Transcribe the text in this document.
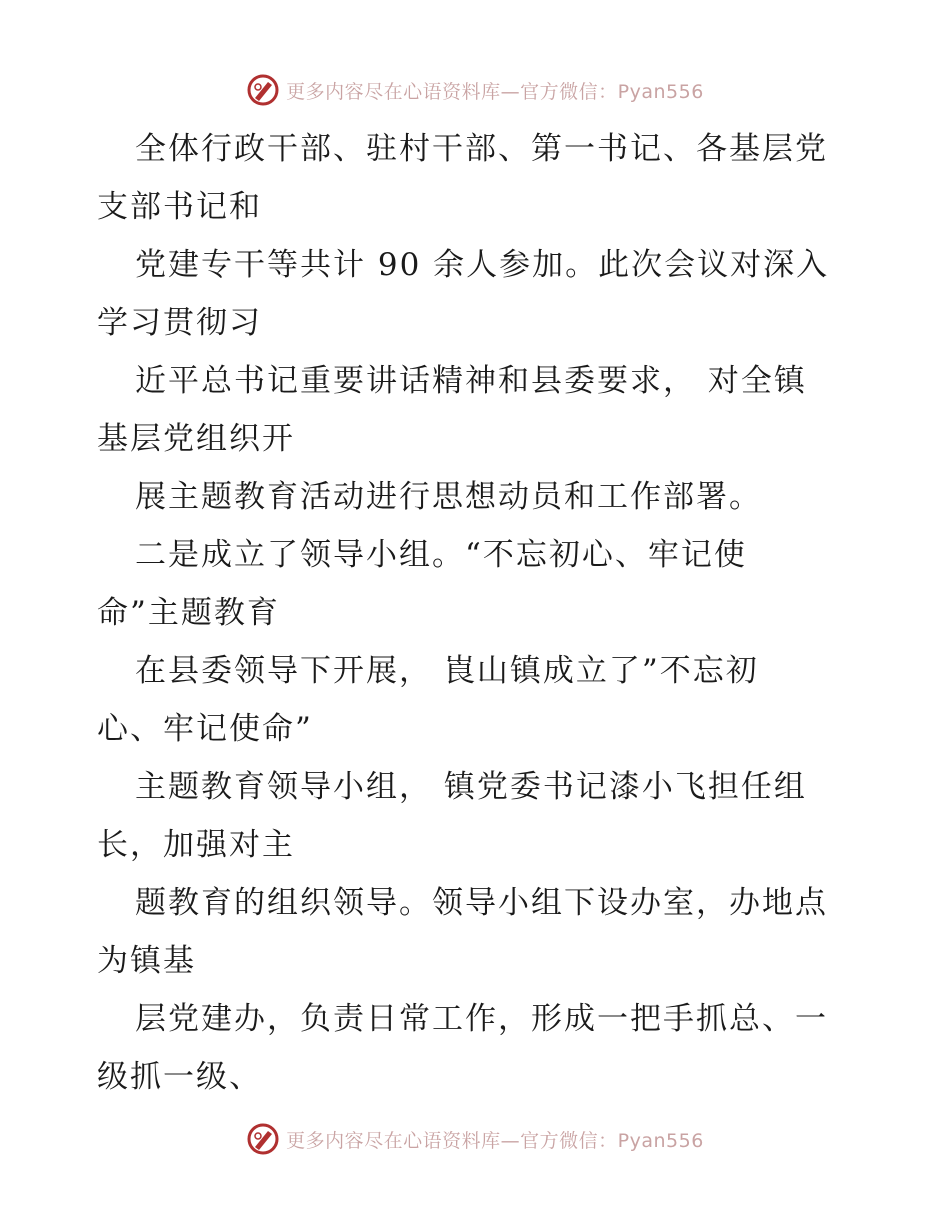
更多内容尽在心语资料库—官方微信：Pyan556
全体行政干部、驻村干部、第一书记、各基层党
支部书记和
党建专干等共计 90 余人参加。此次会议对深入
学习贯彻习
近平总书记重要讲话精神和县委要求， 对全镇
基层党组织开
展主题教育活动进行思想动员和工作部署。
二是成立了领导小组。“不忘初心、牢记使
命”主题教育
在县委领导下开展， 崀山镇成立了”不忘初
心、牢记使命”
主题教育领导小组， 镇党委书记漆小飞担任组
长，加强对主
题教育的组织领导。领导小组下设办室，办地点
为镇基
层党建办，负责日常工作，形成一把手抓总、一
级抓一级、
更多内容尽在心语资料库—官方微信：Pyan556
